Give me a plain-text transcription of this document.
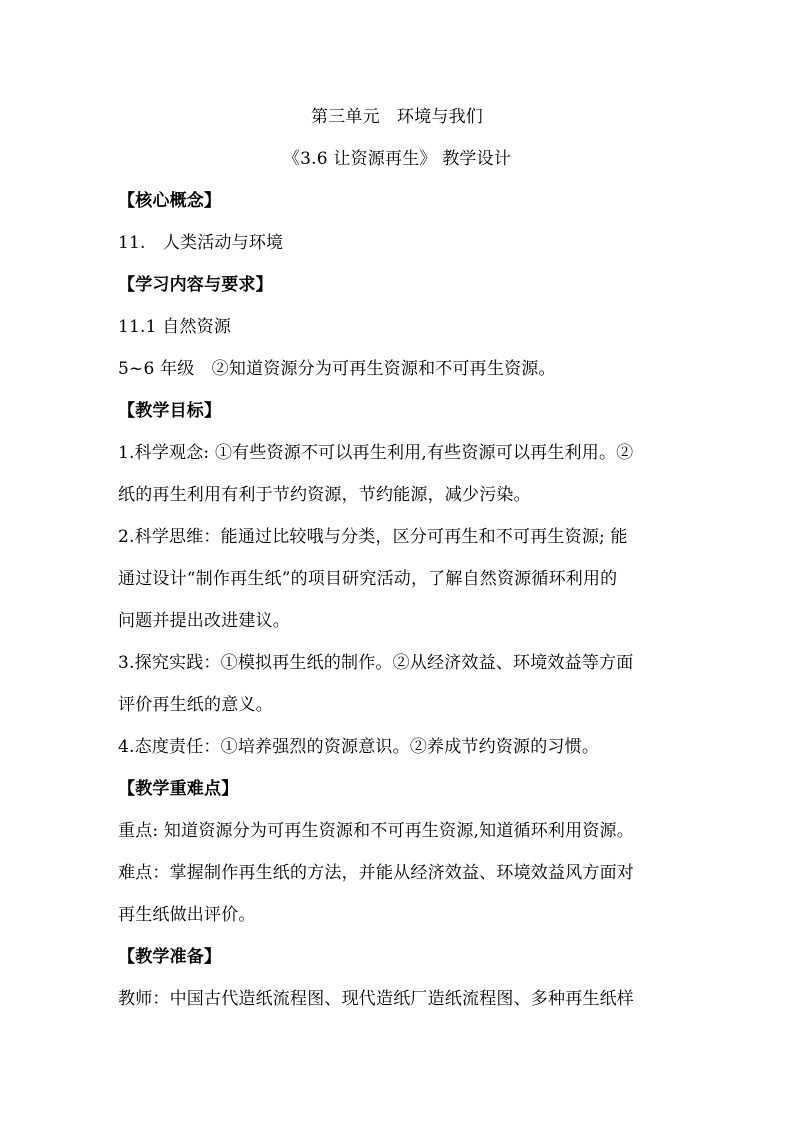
第三单元　环境与我们
《3.6 让资源再生》 教学设计
【核心概念】
11.　人类活动与环境
【学习内容与要求】
11.1 自然资源
5~6 年级　②知道资源分为可再生资源和不可再生资源。
【教学目标】
1.科学观念: ①有些资源不可以再生利用,有些资源可以再生利用。②
纸的再生利用有利于节约资源，节约能源，减少污染。
2.科学思维：能通过比较哦与分类，区分可再生和不可再生资源; 能
通过设计“制作再生纸”的项目研究活动，了解自然资源循环利用的
问题并提出改进建议。
3.探究实践：①模拟再生纸的制作。②从经济效益、环境效益等方面
评价再生纸的意义。
4.态度责任：①培养强烈的资源意识。②养成节约资源的习惯。
【教学重难点】
重点: 知道资源分为可再生资源和不可再生资源,知道循环利用资源。
难点：掌握制作再生纸的方法，并能从经济效益、环境效益风方面对
再生纸做出评价。
【教学准备】
教师：中国古代造纸流程图、现代造纸厂造纸流程图、多种再生纸样
